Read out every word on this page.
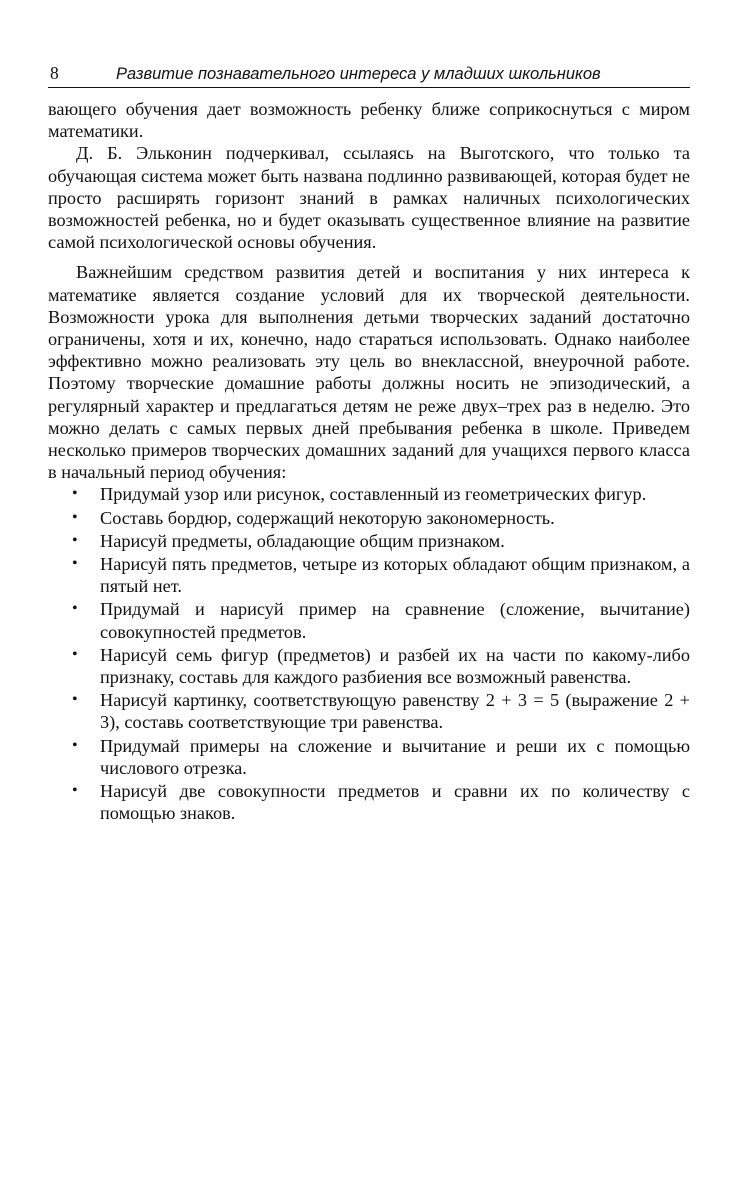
8	Развитие познавательного интереса у младших школьников

вающего обучения дает возможность ребенку ближе соприкоснуться с миром математики.

Д. Б. Эльконин подчеркивал, ссылаясь на Выготского, что только та обучающая система может быть названа подлинно развивающей, которая будет не просто расширять горизонт знаний в рамках наличных психологических возможностей ребенка, но и будет оказывать существенное влияние на развитие самой психологической основы обучения.

Важнейшим средством развития детей и воспитания у них интереса к математике является создание условий для их творческой деятельности. Возможности урока для выполнения детьми творческих заданий достаточно ограничены, хотя и их, конечно, надо стараться использовать. Однако наиболее эффективно можно реализовать эту цель во внеклассной, внеурочной работе. Поэтому творческие домашние работы должны носить не эпизодический, а регулярный характер и предлагаться детям не реже двух–трех раз в неделю. Это можно делать с самых первых дней пребывания ребенка в школе. Приведем несколько примеров творческих домашних заданий для учащихся первого класса в начальный период обучения:

• Придумай узор или рисунок, составленный из геометрических фигур.
• Составь бордюр, содержащий некоторую закономерность.
• Нарисуй предметы, обладающие общим признаком.
• Нарисуй пять предметов, четыре из которых обладают общим признаком, а пятый нет.
• Придумай и нарисуй пример на сравнение (сложение, вычитание) совокупностей предметов.
• Нарисуй семь фигур (предметов) и разбей их на части по какому-либо признаку, составь для каждого разбиения все возможный равенства.
• Нарисуй картинку, соответствующую равенству 2 + 3 = 5 (выражение 2 + 3), составь соответствующие три равенства.
• Придумай примеры на сложение и вычитание и реши их с помощью числового отрезка.
• Нарисуй две совокупности предметов и сравни их по количеству с помощью знаков.
